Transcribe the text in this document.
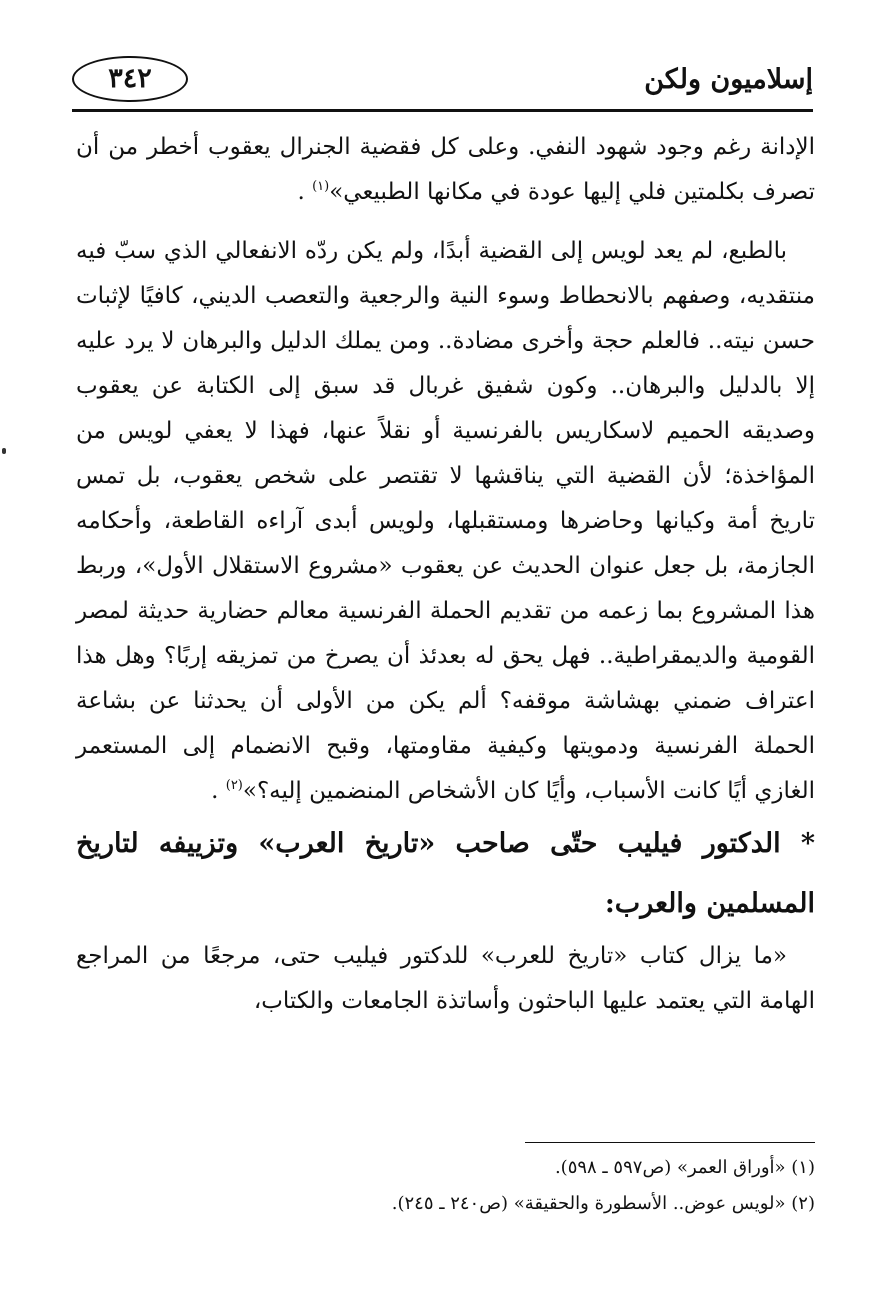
إسلاميون ولكن
٣٤٢

الإدانة رغم وجود شهود النفي. وعلى كل فقضية الجنرال يعقوب أخطر من أن تصرف بكلمتين فلي إليها عودة في مكانها الطبيعي»$^{(١)}$ .

بالطبع، لم يعد لويس إلى القضية أبدًا، ولم يكن ردّه الانفعالي الذي سبّ فيه منتقديه، وصفهم بالانحطاط وسوء النية والرجعية والتعصب الديني، كافيًا لإثبات حسن نيته.. فالعلم حجة وأخرى مضادة.. ومن يملك الدليل والبرهان لا يرد عليه إلا بالدليل والبرهان.. وكون شفيق غربال قد سبق إلى الكتابة عن يعقوب وصديقه الحميم لاسكاريس بالفرنسية أو نقلاً عنها، فهذا لا يعفي لويس من المؤاخذة؛ لأن القضية التي يناقشها لا تقتصر على شخص يعقوب، بل تمس تاريخ أمة وكيانها وحاضرها ومستقبلها، ولويس أبدى آراءه القاطعة، وأحكامه الجازمة، بل جعل عنوان الحديث عن يعقوب «مشروع الاستقلال الأول»، وربط هذا المشروع بما زعمه من تقديم الحملة الفرنسية معالم حضارية حديثة لمصر القومية والديمقراطية.. فهل يحق له بعدئذ أن يصرخ من تمزيقه إربًا؟ وهل هذا اعتراف ضمني بهشاشة موقفه؟ ألم يكن من الأولى أن يحدثنا عن بشاعة الحملة الفرنسية ودمويتها وكيفية مقاومتها، وقبح الانضمام إلى المستعمر الغازي أيًا كانت الأسباب، وأيًا كان الأشخاص المنضمين إليه؟»$^{(٢)}$ .

* الدكتور فيليب حتّى صاحب «تاريخ العرب» وتزييفه لتاريخ المسلمين والعرب:

«ما يزال كتاب «تاريخ للعرب» للدكتور فيليب حتى، مرجعًا من المراجع الهامة التي يعتمد عليها الباحثون وأساتذة الجامعات والكتاب،

(١) «أوراق العمر» (ص٥٩٧ ـ ٥٩٨).

(٢) «لويس عوض.. الأسطورة والحقيقة» (ص٢٤٠ ـ ٢٤٥).
